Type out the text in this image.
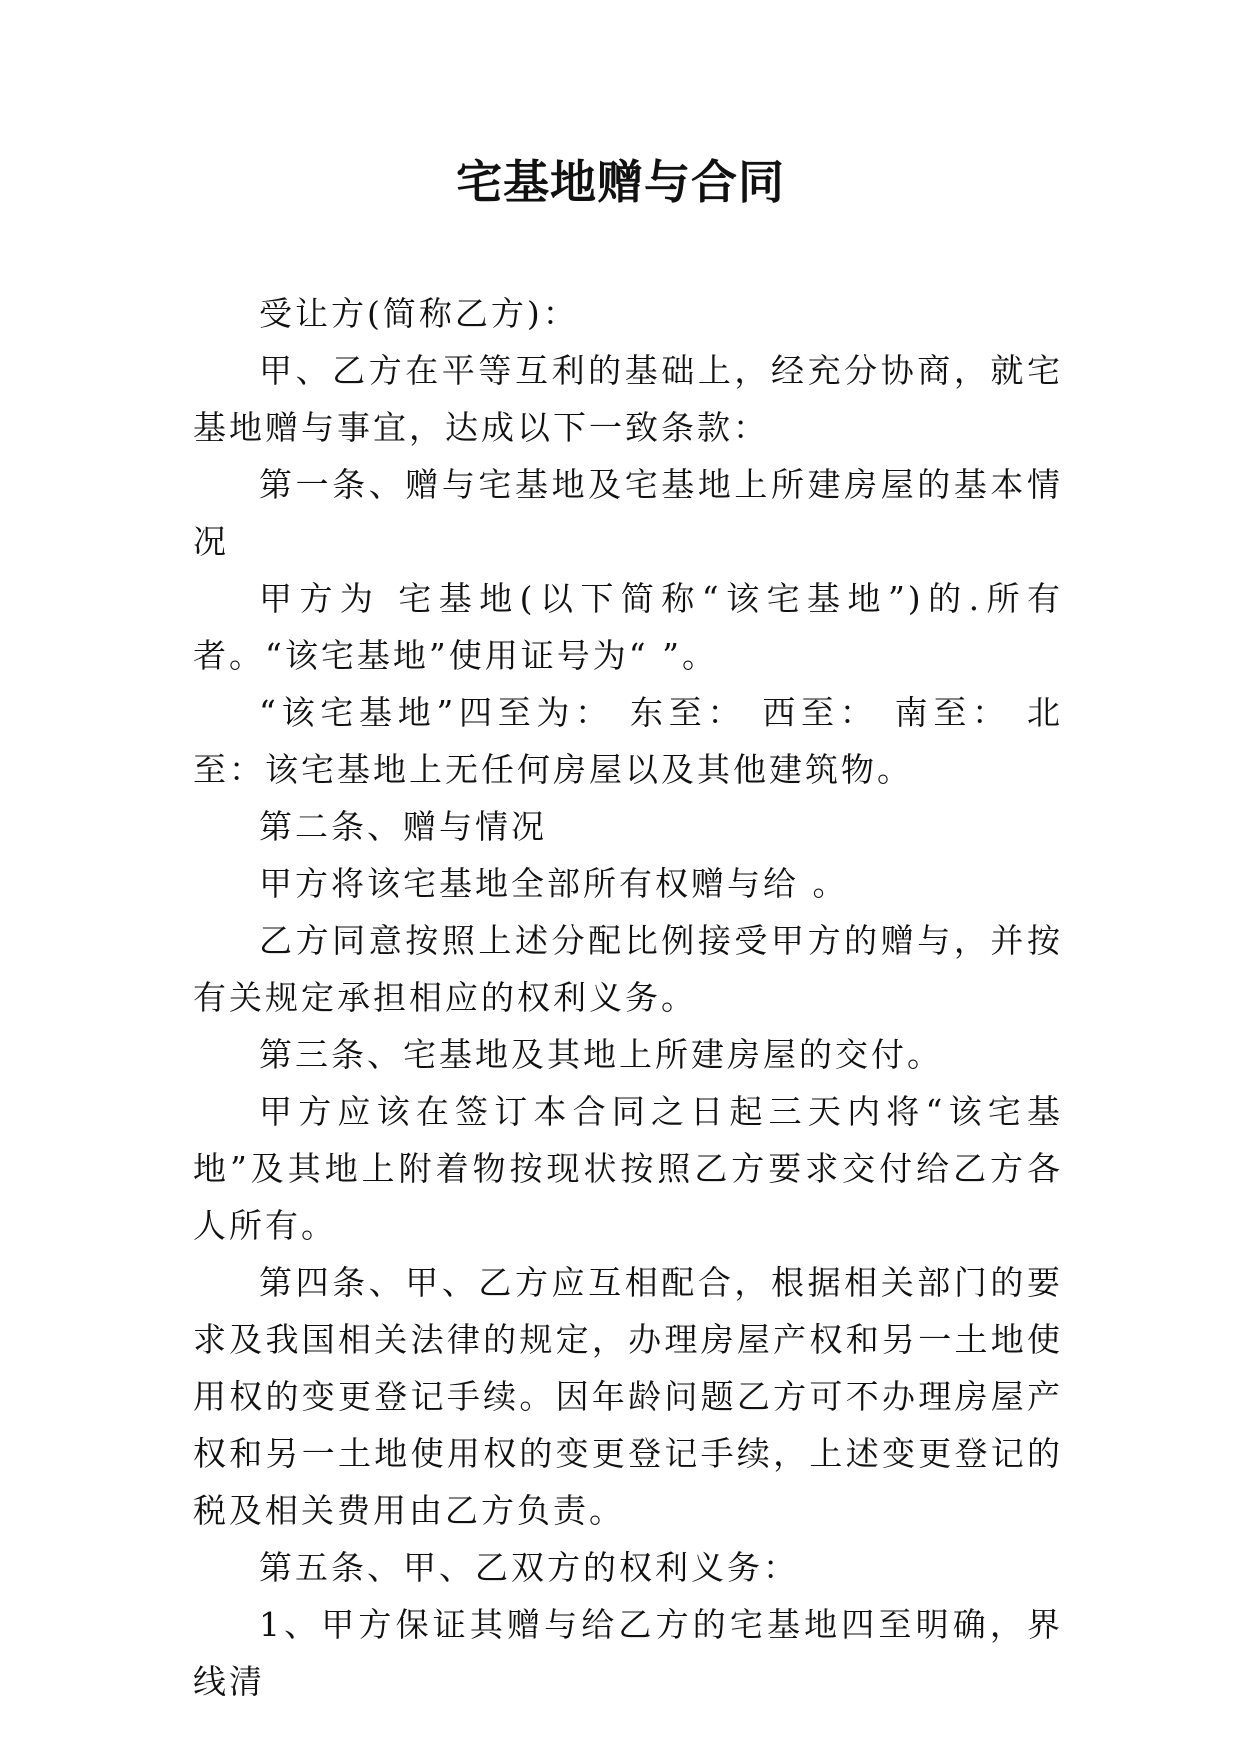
宅基地赠与合同

受让方(简称乙方)：

甲、乙方在平等互利的基础上，经充分协商，就宅基地赠与事宜，达成以下一致条款：

第一条、赠与宅基地及宅基地上所建房屋的基本情况

甲方为 宅基地(以下简称“该宅基地”)的.所有者。“该宅基地”使用证号为“ ”。

“该宅基地”四至为： 东至： 西至： 南至： 北至：该宅基地上无任何房屋以及其他建筑物。

第二条、赠与情况

甲方将该宅基地全部所有权赠与给 。

乙方同意按照上述分配比例接受甲方的赠与，并按有关规定承担相应的权利义务。

第三条、宅基地及其地上所建房屋的交付。

甲方应该在签订本合同之日起三天内将“该宅基地”及其地上附着物按现状按照乙方要求交付给乙方各人所有。

第四条、甲、乙方应互相配合，根据相关部门的要求及我国相关法律的规定，办理房屋产权和另一土地使用权的变更登记手续。因年龄问题乙方可不办理房屋产权和另一土地使用权的变更登记手续，上述变更登记的税及相关费用由乙方负责。

第五条、甲、乙双方的权利义务：

1、甲方保证其赠与给乙方的宅基地四至明确，界线清
